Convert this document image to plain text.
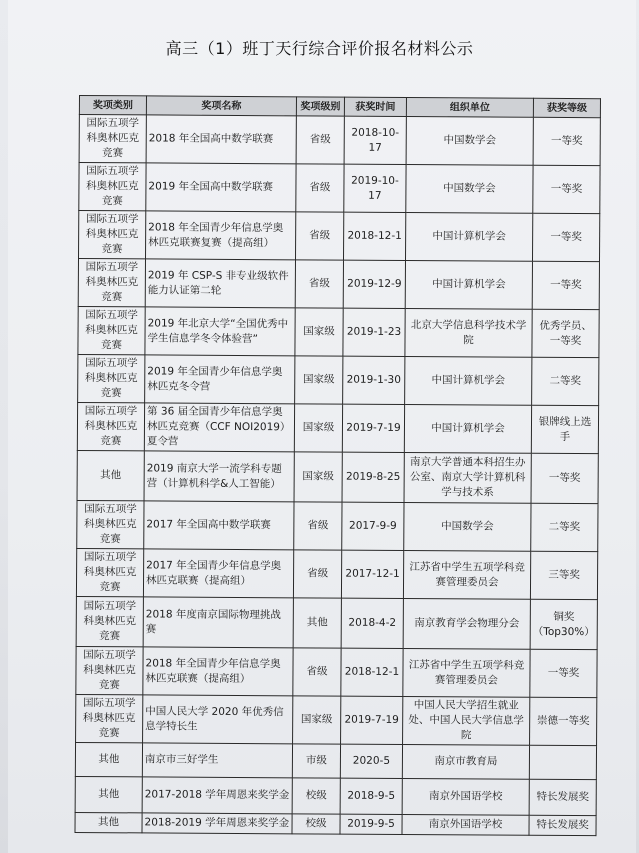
高三（1）班丁天行综合评价报名材料公示
奖项类别	奖项名称	奖项级别	获奖时间	组织单位	获奖等级
国际五项学科奥林匹克竞赛	2018 年全国高中数学联赛	省级	2018-10-17	中国数学会	一等奖
国际五项学科奥林匹克竞赛	2019 年全国高中数学联赛	省级	2019-10-17	中国数学会	一等奖
国际五项学科奥林匹克竞赛	2018 年全国青少年信息学奥林匹克联赛复赛（提高组）	省级	2018-12-1	中国计算机学会	一等奖
国际五项学科奥林匹克竞赛	2019 年 CSP-S 非专业级软件能力认证第二轮	省级	2019-12-9	中国计算机学会	一等奖
国际五项学科奥林匹克竞赛	2019 年北京大学“全国优秀中学生信息学冬令体验营”	国家级	2019-1-23	北京大学信息科学技术学院	优秀学员、一等奖
国际五项学科奥林匹克竞赛	2019 年全国青少年信息学奥林匹克冬令营	国家级	2019-1-30	中国计算机学会	二等奖
国际五项学科奥林匹克竞赛	第 36 届全国青少年信息学奥林匹克竞赛（CCF NOI2019）夏令营	国家级	2019-7-19	中国计算机学会	银牌线上选手
其他	2019 南京大学一流学科专题营（计算机科学&人工智能）	国家级	2019-8-25	南京大学普通本科招生办公室、南京大学计算机科学与技术系	一等奖
国际五项学科奥林匹克竞赛	2017 年全国高中数学联赛	省级	2017-9-9	中国数学会	二等奖
国际五项学科奥林匹克竞赛	2017 年全国青少年信息学奥林匹克联赛（提高组）	省级	2017-12-1	江苏省中学生五项学科竞赛管理委员会	三等奖
国际五项学科奥林匹克竞赛	2018 年度南京国际物理挑战赛	其他	2018-4-2	南京教育学会物理分会	铜奖（Top30%）
国际五项学科奥林匹克竞赛	2018 年全国青少年信息学奥林匹克联赛（提高组）	省级	2018-12-1	江苏省中学生五项学科竞赛管理委员会	一等奖
国际五项学科奥林匹克竞赛	中国人民大学 2020 年优秀信息学特长生	国家级	2019-7-19	中国人民大学招生就业处、中国人民大学信息学院	崇德一等奖
其他	南京市三好学生	市级	2020-5	南京市教育局	
其他	2017-2018 学年周恩来奖学金	校级	2018-9-5	南京外国语学校	特长发展奖
其他	2018-2019 学年周恩来奖学金	校级	2019-9-5	南京外国语学校	特长发展奖
